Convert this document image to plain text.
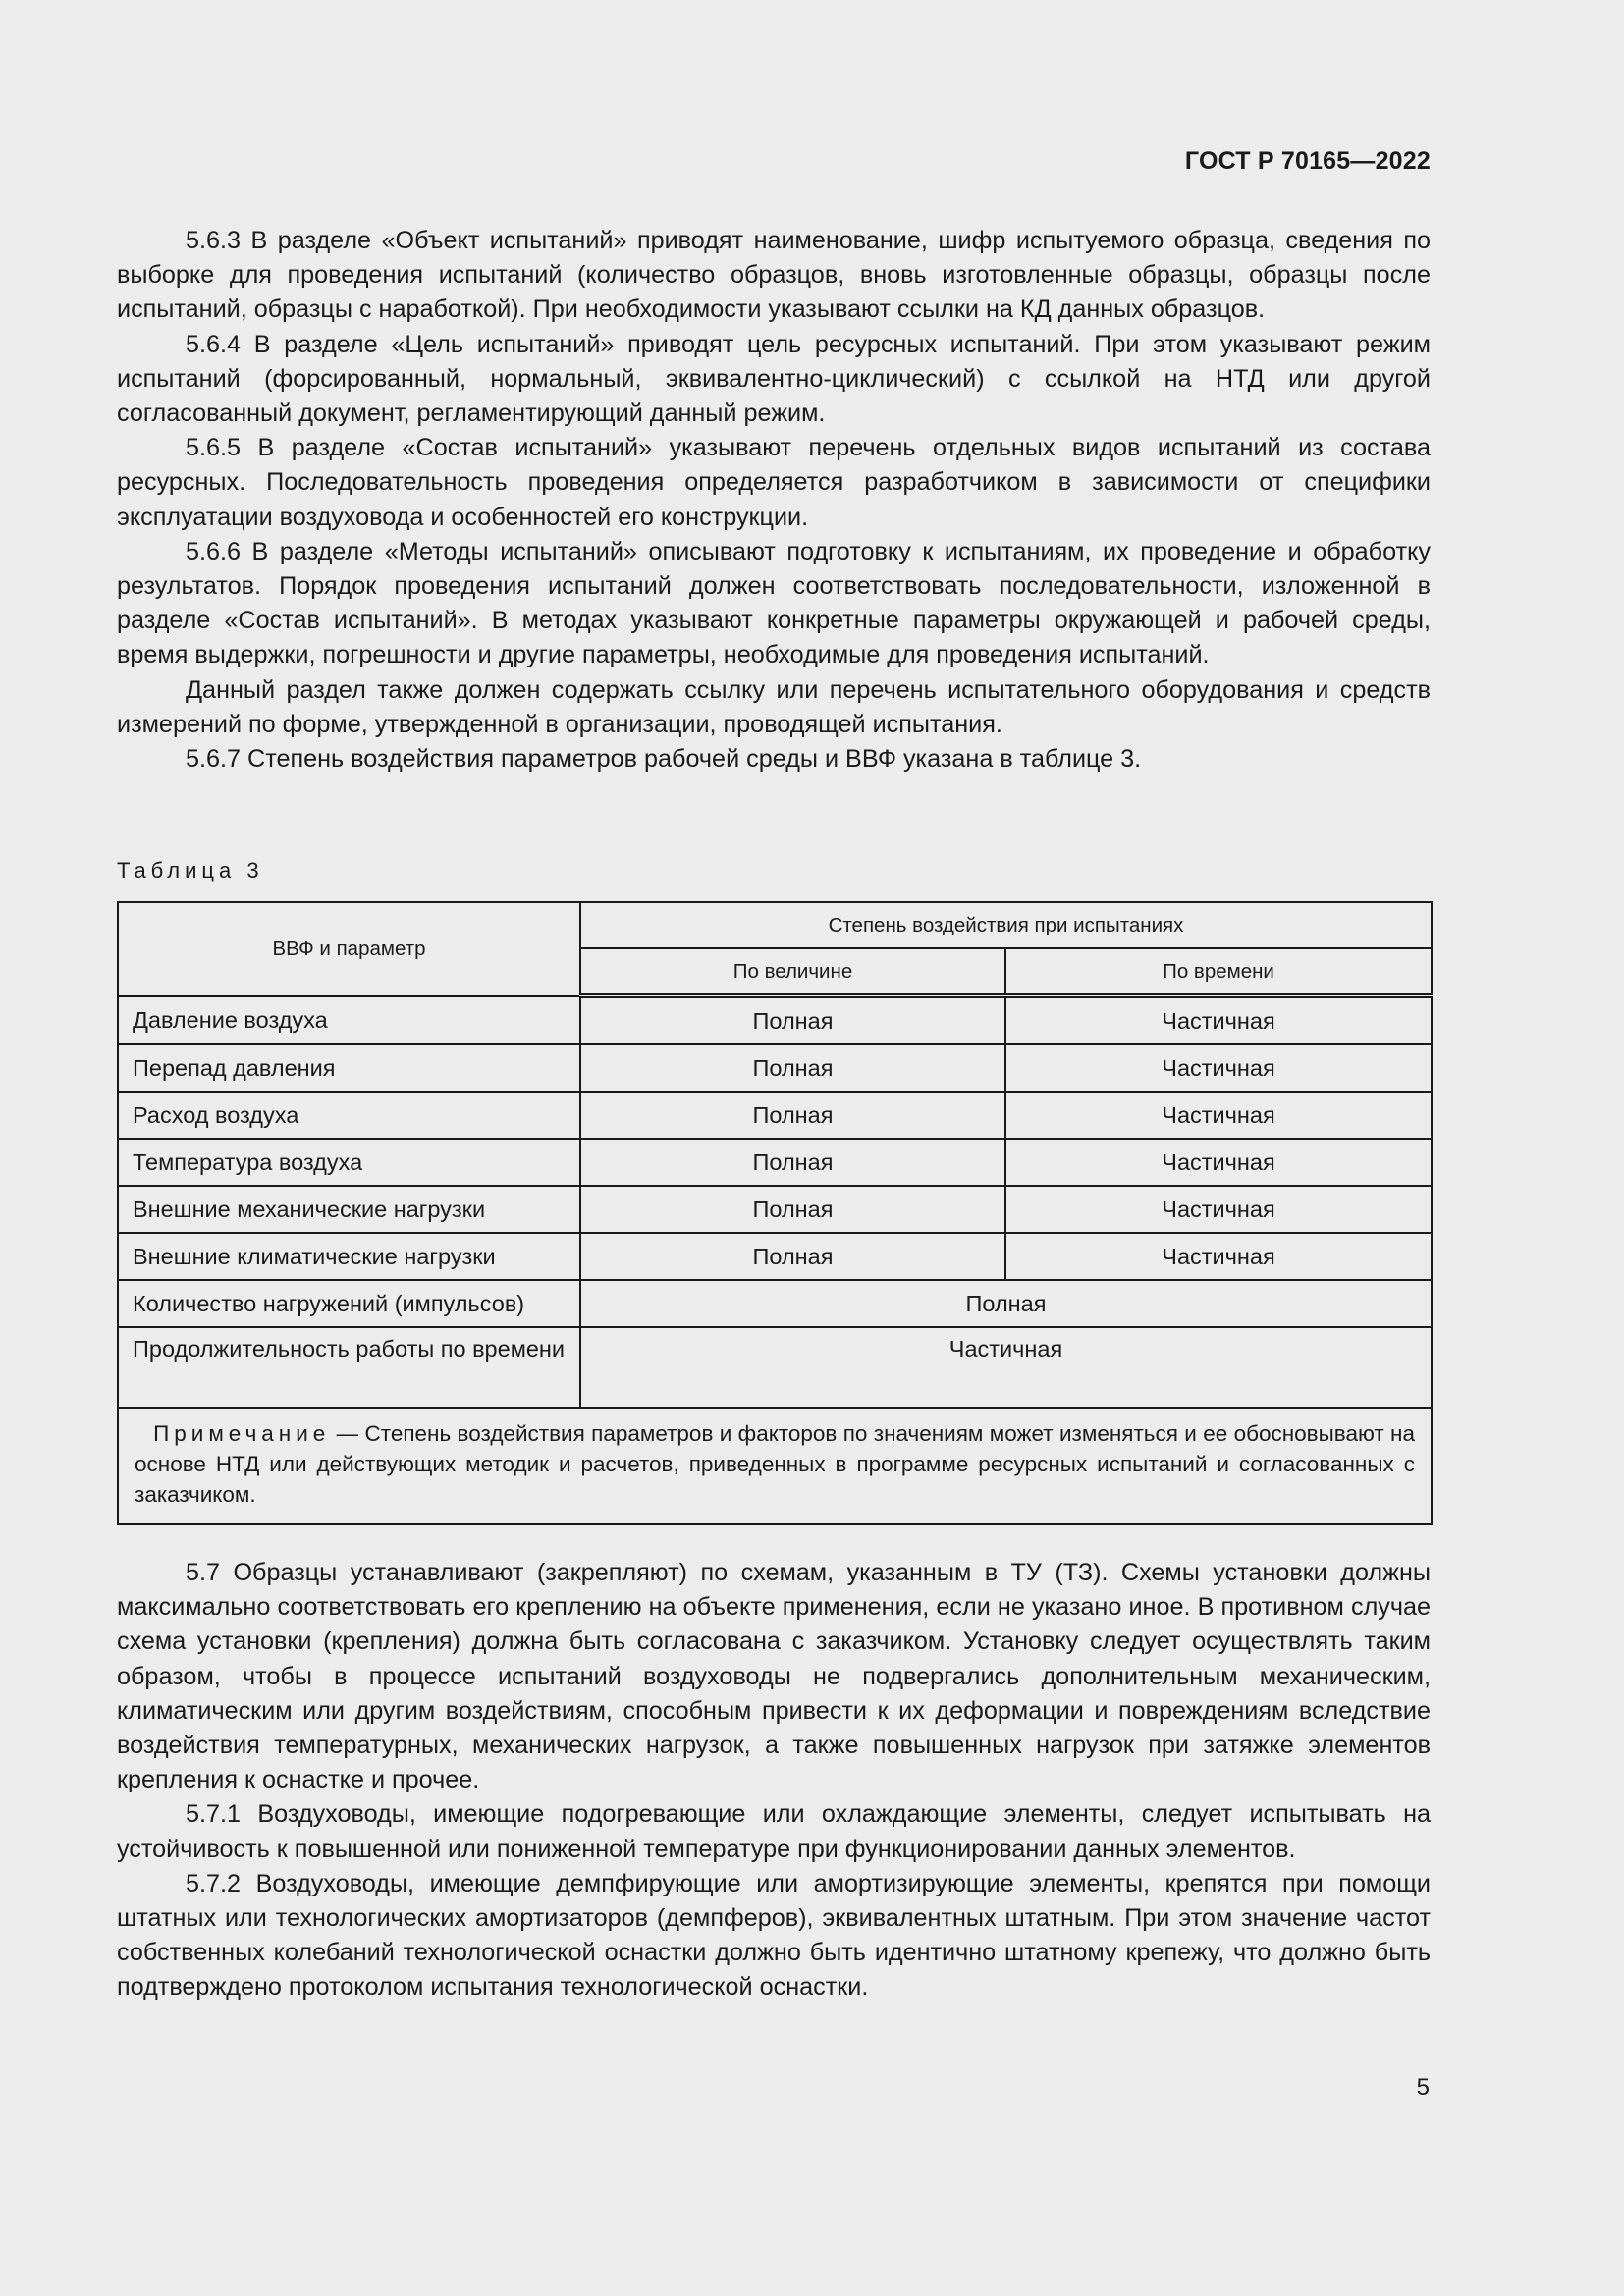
ГОСТ Р 70165—2022

5.6.3 В разделе «Объект испытаний» приводят наименование, шифр испытуемого образца, сведения по выборке для проведения испытаний (количество образцов, вновь изготовленные образцы, образцы после испытаний, образцы с наработкой). При необходимости указывают ссылки на КД данных образцов.

5.6.4 В разделе «Цель испытаний» приводят цель ресурсных испытаний. При этом указывают режим испытаний (форсированный, нормальный, эквивалентно-циклический) с ссылкой на НТД или другой согласованный документ, регламентирующий данный режим.

5.6.5 В разделе «Состав испытаний» указывают перечень отдельных видов испытаний из состава ресурсных. Последовательность проведения определяется разработчиком в зависимости от специфики эксплуатации воздуховода и особенностей его конструкции.

5.6.6 В разделе «Методы испытаний» описывают подготовку к испытаниям, их проведение и обработку результатов. Порядок проведения испытаний должен соответствовать последовательности, изложенной в разделе «Состав испытаний». В методах указывают конкретные параметры окружающей и рабочей среды, время выдержки, погрешности и другие параметры, необходимые для проведения испытаний.

Данный раздел также должен содержать ссылку или перечень испытательного оборудования и средств измерений по форме, утвержденной в организации, проводящей испытания.

5.6.7 Степень воздействия параметров рабочей среды и ВВФ указана в таблице 3.

Таблица 3
ВВФ и параметр	Степень воздействия при испытаниях	
	По величине	По времени
Давление воздуха	Полная	Частичная
Перепад давления	Полная	Частичная
Расход воздуха	Полная	Частичная
Температура воздуха	Полная	Частичная
Внешние механические нагрузки	Полная	Частичная
Внешние климатические нагрузки	Полная	Частичная
Количество нагружений (импульсов)	Полная	
Продолжительность работы по времени	Частичная	
Примечание — Степень воздействия параметров и факторов по значениям может изменяться и ее обосновывают на основе НТД или действующих методик и расчетов, приведенных в программе ресурсных испытаний и согласованных с заказчиком.		

5.7 Образцы устанавливают (закрепляют) по схемам, указанным в ТУ (ТЗ). Схемы установки должны максимально соответствовать его креплению на объекте применения, если не указано иное. В противном случае схема установки (крепления) должна быть согласована с заказчиком. Установку следует осуществлять таким образом, чтобы в процессе испытаний воздуховоды не подвергались дополнительным механическим, климатическим или другим воздействиям, способным привести к их деформации и повреждениям вследствие воздействия температурных, механических нагрузок, а также повышенных нагрузок при затяжке элементов крепления к оснастке и прочее.

5.7.1 Воздуховоды, имеющие подогревающие или охлаждающие элементы, следует испытывать на устойчивость к повышенной или пониженной температуре при функционировании данных элементов.

5.7.2 Воздуховоды, имеющие демпфирующие или амортизирующие элементы, крепятся при помощи штатных или технологических амортизаторов (демпферов), эквивалентных штатным. При этом значение частот собственных колебаний технологической оснастки должно быть идентично штатному крепежу, что должно быть подтверждено протоколом испытания технологической оснастки.

5
